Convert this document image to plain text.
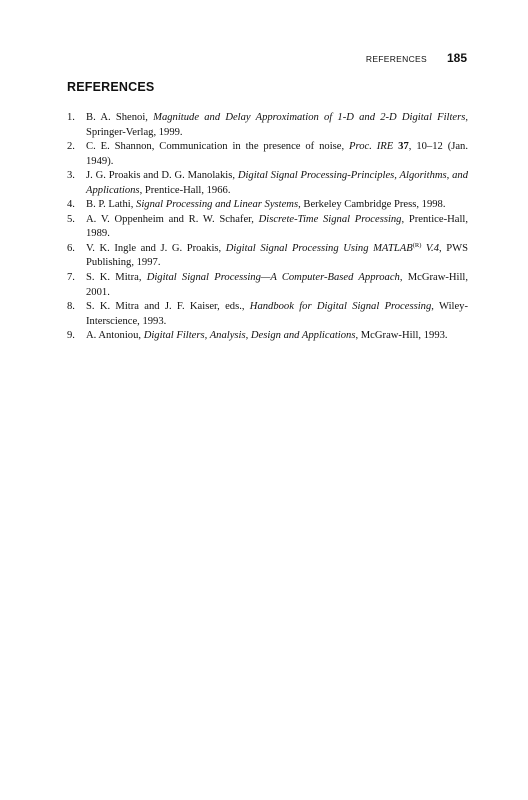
REFERENCES 185
REFERENCES
1.	B. A. Shenoi, Magnitude and Delay Approximation of 1-D and 2-D Digital Filters, Springer-Verlag, 1999.
2.	C. E. Shannon, Communication in the presence of noise, Proc. IRE 37, 10–12 (Jan. 1949).
3.	J. G. Proakis and D. G. Manolakis, Digital Signal Processing-Principles, Algorithms, and Applications, Prentice-Hall, 1966.
4.	B. P. Lathi, Signal Processing and Linear Systems, Berkeley Cambridge Press, 1998.
5.	A. V. Oppenheim and R. W. Schafer, Discrete-Time Signal Processing, Prentice-Hall, 1989.
6.	V. K. Ingle and J. G. Proakis, Digital Signal Processing Using $MATLAB^{(R)}$ V.4, PWS Publishing, 1997.
7.	S. K. Mitra, Digital Signal Processing—A Computer-Based Approach, McGraw-Hill, 2001.
8.	S. K. Mitra and J. F. Kaiser, eds., Handbook for Digital Signal Processing, Wiley-Interscience, 1993.
9.	A. Antoniou, Digital Filters, Analysis, Design and Applications, McGraw-Hill, 1993.
